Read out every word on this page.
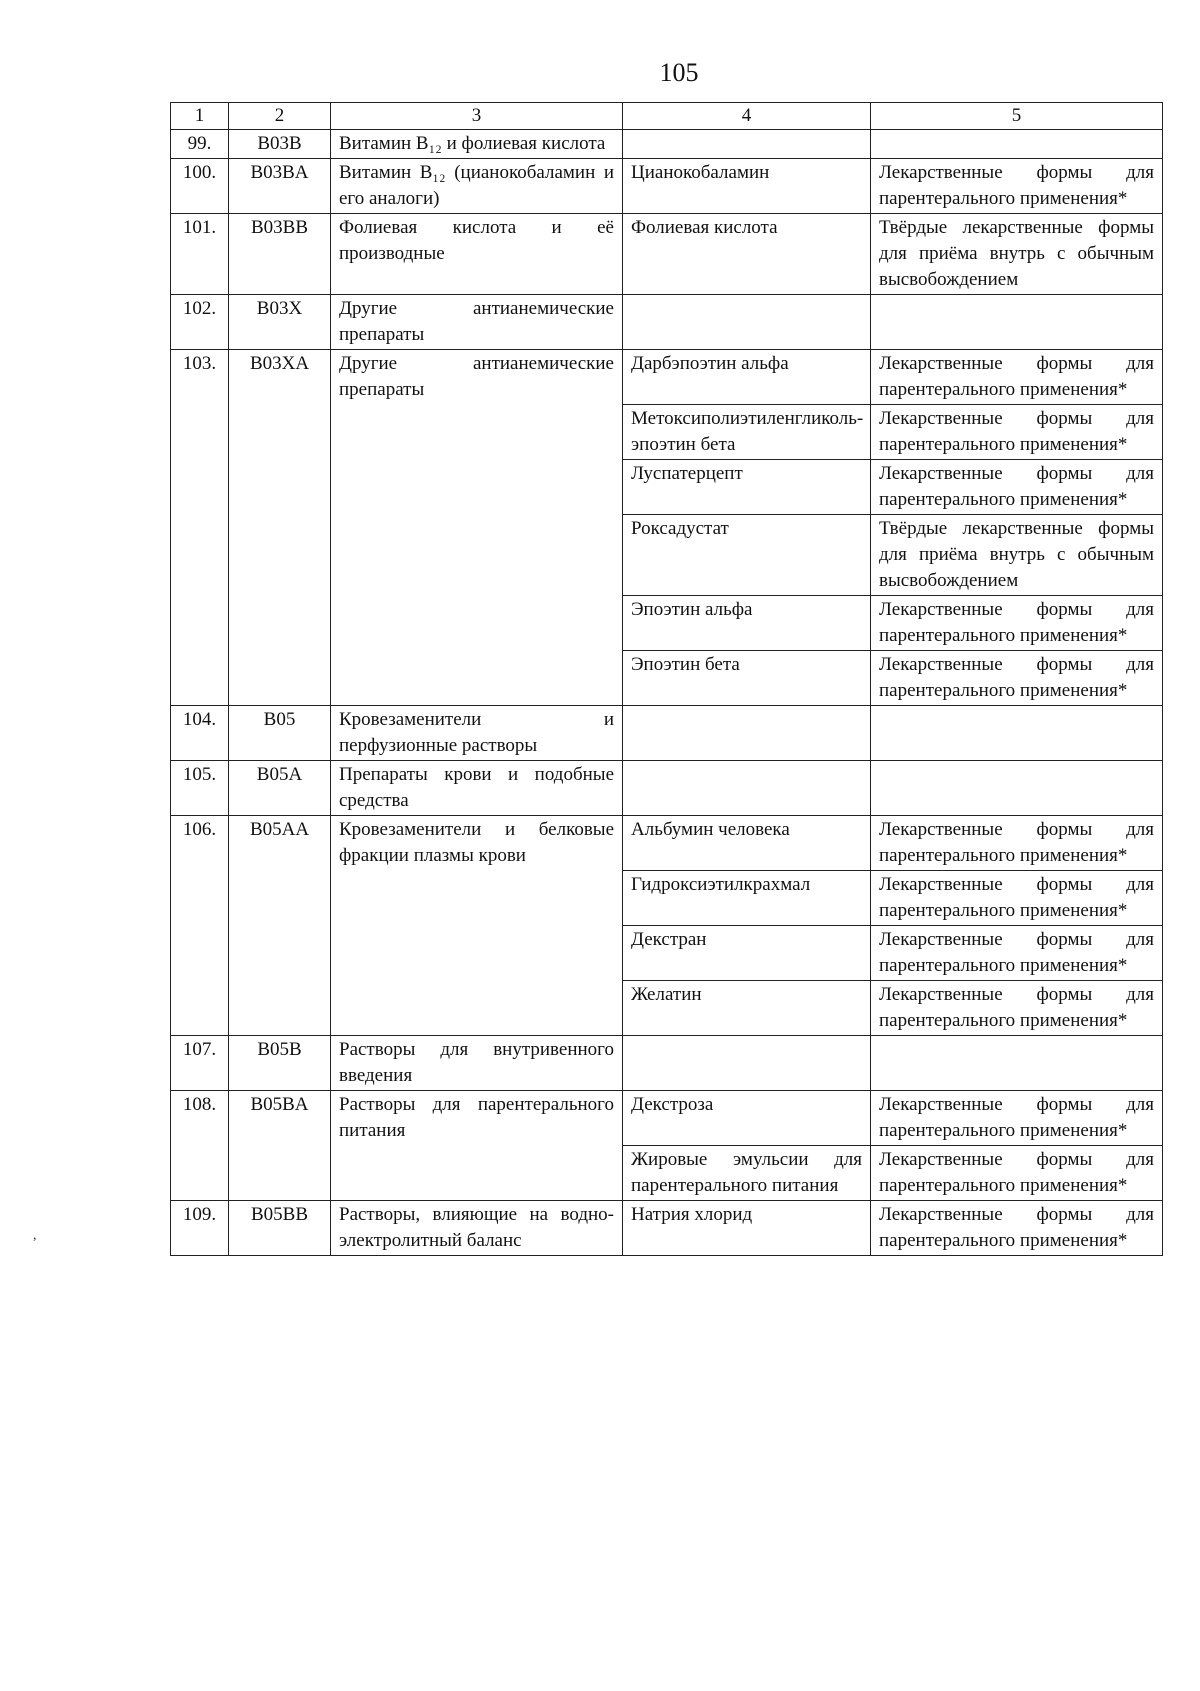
105
1	2	3	4	5
99.	B03B	Витамин B₁₂ и фолиевая кислота		
100.	B03BA	Витамин B₁₂ (цианокобаламин и его аналоги)	Цианокобаламин	Лекарственные формы для парентерального применения*
101.	B03BB	Фолиевая кислота и её производные	Фолиевая кислота	Твёрдые лекарственные формы для приёма внутрь с обычным высвобождением
102.	B03X	Другие антианемические препараты		
103.	B03XA	Другие антианемические препараты	Дарбэпоэтин альфа	Лекарственные формы для парентерального применения*
			Метоксиполиэтиленгликоль-эпоэтин бета	Лекарственные формы для парентерального применения*
			Луспатерцепт	Лекарственные формы для парентерального применения*
			Роксадустат	Твёрдые лекарственные формы для приёма внутрь с обычным высвобождением
			Эпоэтин альфа	Лекарственные формы для парентерального применения*
			Эпоэтин бета	Лекарственные формы для парентерального применения*
104.	B05	Кровезаменители и перфузионные растворы		
105.	B05A	Препараты крови и подобные средства		
106.	B05AA	Кровезаменители и белковые фракции плазмы крови	Альбумин человека	Лекарственные формы для парентерального применения*
			Гидроксиэтилкрахмал	Лекарственные формы для парентерального применения*
			Декстран	Лекарственные формы для парентерального применения*
			Желатин	Лекарственные формы для парентерального применения*
107.	B05B	Растворы для внутривенного введения		
108.	B05BA	Растворы для парентерального питания	Декстроза	Лекарственные формы для парентерального применения*
			Жировые эмульсии для парентерального питания	Лекарственные формы для парентерального применения*
109.	B05BB	Растворы, влияющие на водно-электролитный баланс	Натрия хлорид	Лекарственные формы для парентерального применения*
,
